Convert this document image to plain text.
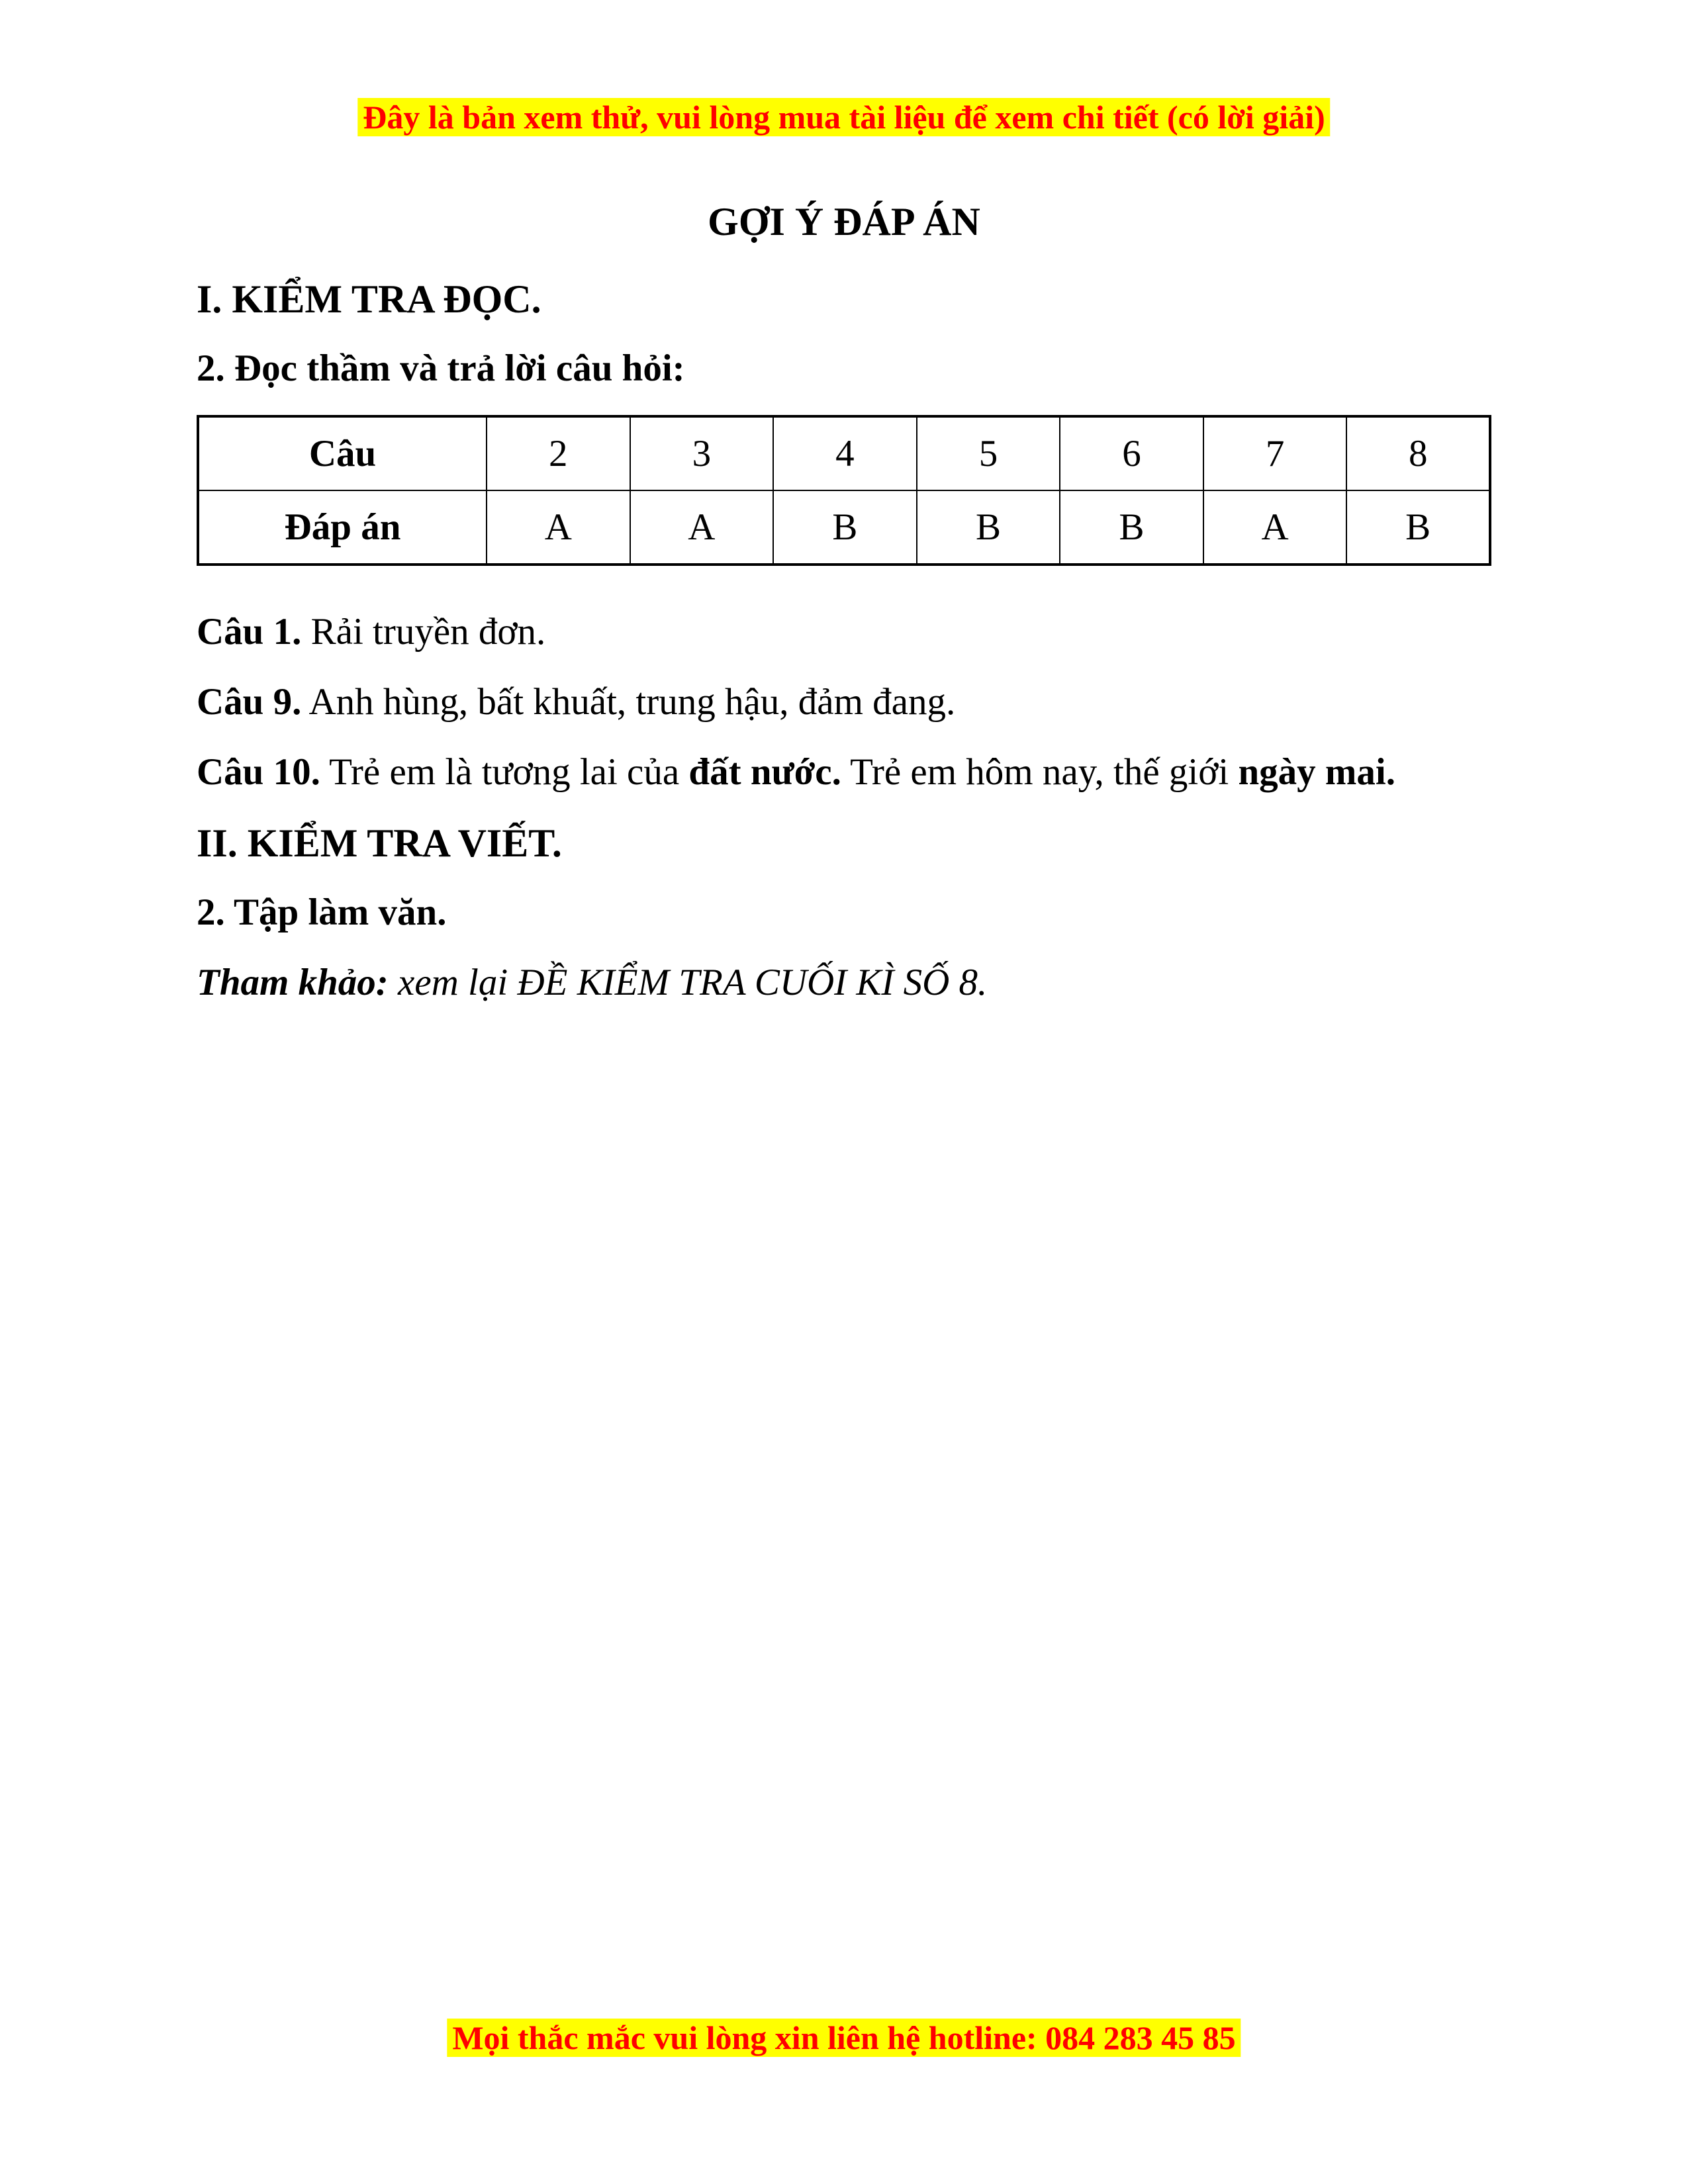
Đây là bản xem thử, vui lòng mua tài liệu để xem chi tiết (có lời giải)
GỢI Ý ĐÁP ÁN
I. KIỂM TRA ĐỌC.
2. Đọc thầm và trả lời câu hỏi:
Câu	2	3	4	5	6	7	8
Đáp án	A	A	B	B	B	A	B
Câu 1. Rải truyền đơn.
Câu 9. Anh hùng, bất khuất, trung hậu, đảm đang.
Câu 10. Trẻ em là tương lai của đất nước. Trẻ em hôm nay, thế giới ngày mai.
II. KIỂM TRA VIẾT.
2. Tập làm văn.
Tham khảo: xem lại ĐỀ KIỂM TRA CUỐI KÌ SỐ 8.
Mọi thắc mắc vui lòng xin liên hệ hotline: 084 283 45 85
